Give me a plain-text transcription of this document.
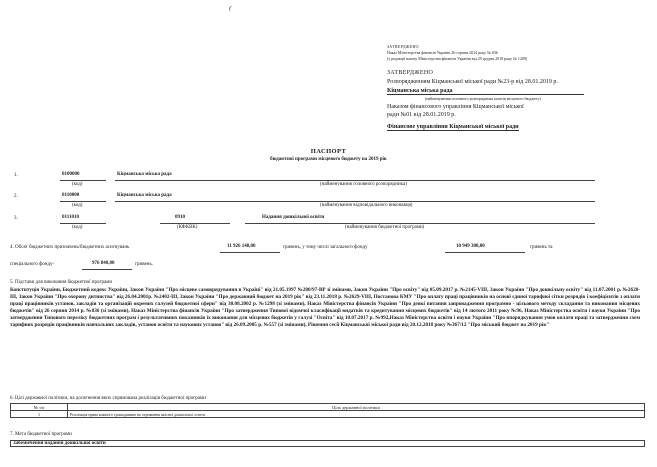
ЗАТВЕРДЖЕНО
Наказ Міністерства фінансів України 26 серпня 2014 року № 836
(у редакції наказу Міністерства фінансів України від 29 грудня 2018 року № 1209)
ЗАТВЕРДЖЕНО
Розпорядженням Кіцманської міської ради №23-р від 28.01.2019 р.
Кіцманська міська рада
(найменування головного розпорядника коштів місцевого бюджету)
Наказом фінансового управління Кіцманської міської
ради №01 від 28.01.2019 р.
Фінансове управління Кіцманської міської ради
ПАСПОРТ
бюджетної програми місцевого бюджету на 2019 рік
1.	0100000	Кіцманська міська рада
(код)	(найменування головного розпорядника)
2.	0110000	Кіцманська міська рада
(код)	(найменування відповідального виконавця)
3.	0111010	0910	Надання дошкільної освіти
(код)	(КФКВК)	(найменування бюджетної програми)
4. Обсяг бюджетних призначень/бюджетних асигнувань	11 926 148,00	гривень, у тому числі загального фонду	10 949 308,00	гривень та
спеціального фонду-	976 840,00	гривень.
5. Підстави для виконання бюджетної програми
Конституція України, Бюджетний кодекс України, Закон України "Про місцеве самоврядування в Україні" від 21.05.1997 №280/97-ВР зі змінами, Закон України "Про освіту" від 05.09.2017 р. №2145-VIII, Закон України "Про дошкільну освіту" від 11.07.2001 р. №2628-III, Закон України "Про охорону дитинства" від 26.04.2001р. №2402-III, Закон України "Про державний бюджет на 2019 рік" від 23.11.2018 р. №2629-VIII, Постанова КМУ "Про оплату праці працівників на основі єдиної тарифної сітки розрядів і коефіцієнтів з оплати праці працівників установ, закладів та організацій окремих галузей бюджетної сфери" від 30.08.2002 р. №1298 (зі змінами), Наказ Міністерства фінансів України "Про деякі питання запровадження програмно - цільового методу складання та виконання місцевих бюджетів" від 26 серпня 2014 р. №836 (зі змінами), Наказ Міністерства фінансів України "Про затвердження Типової відомчої класифікації видатків та кредитування місцевих бюджетів" від 14 лютого 2011 року №96, Наказ Міністерства освіти і науки України "Про затвердження Типового переліку бюджетних програм і результативних показників їх виконання для місцевих бюджетів у галузі "Освіта" від 10.07.2017 р. №992,Наказ Міністерства освіти і науки України "Про впорядкування умов оплати праці та затвердження схем тарифних розрядів працівників навчальних закладів, установ освіти та наукових установ" від 26.09.2005 р. №557 (зі змінами), Рішення сесії Кіцманської міської ради від 20.12.2018 року №367/12 "Про міський бюджет на 2019 рік"
6. Цілі державної політики, на досягнення яких спрямована реалізація бюджетної програми
№ з/п	Ціль державної політики
1	Реалізація права кожного громадянина на отримання якісної дошкільної освіти
7. Мета бюджетної програми
Забезпечення надання дошкільної освіти
